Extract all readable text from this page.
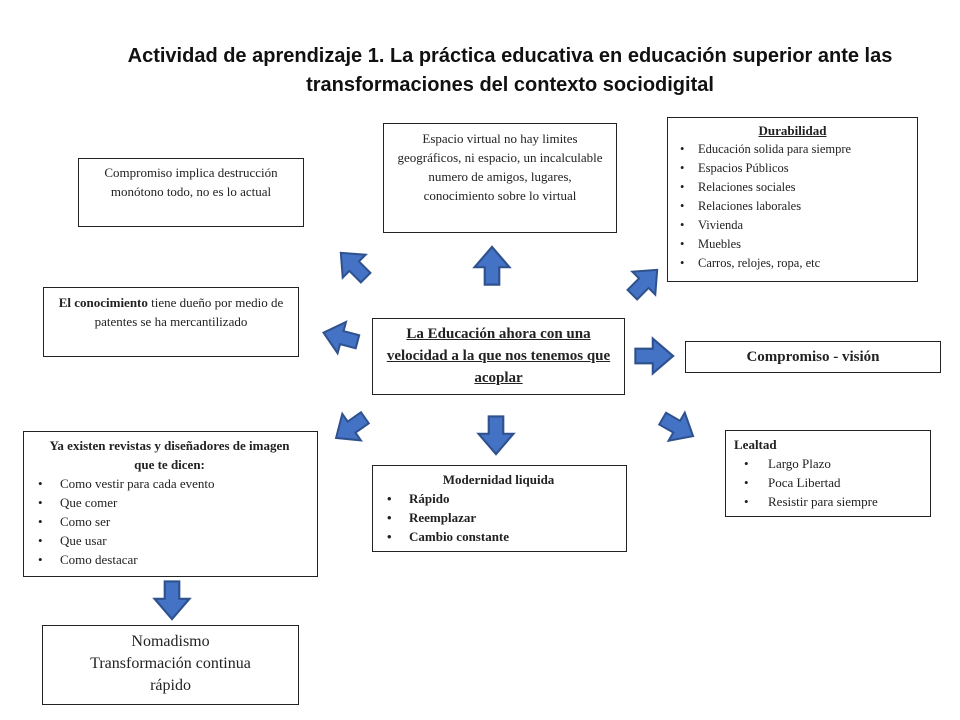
Actividad de aprendizaje 1. La práctica educativa en educación superior ante las
transformaciones del contexto sociodigital

La Educación ahora con una velocidad a la que nos tenemos que acoplar

Compromiso implica destrucción monótono todo, no es lo actual

Espacio virtual no hay limites geográficos, ni espacio, un incalculable numero de amigos, lugares, conocimiento sobre lo virtual

Durabilidad

• Educación solida para siempre
• Espacios Públicos
• Relaciones sociales
• Relaciones laborales
• Vivienda
• Muebles
• Carros, relojes, ropa, etc

El conocimiento tiene dueño por medio de patentes se ha mercantilizado

Compromiso - visión

Ya existen revistas y diseñadores de imagen que te dicen:

• Como vestir para cada evento
• Que comer
• Como ser
• Que usar
• Como destacar

Modernidad liquida

• Rápido
• Reemplazar
• Cambio constante

Lealtad

• Largo Plazo
• Poca Libertad
• Resistir para siempre

Nomadismo

Transformación continua

rápido
